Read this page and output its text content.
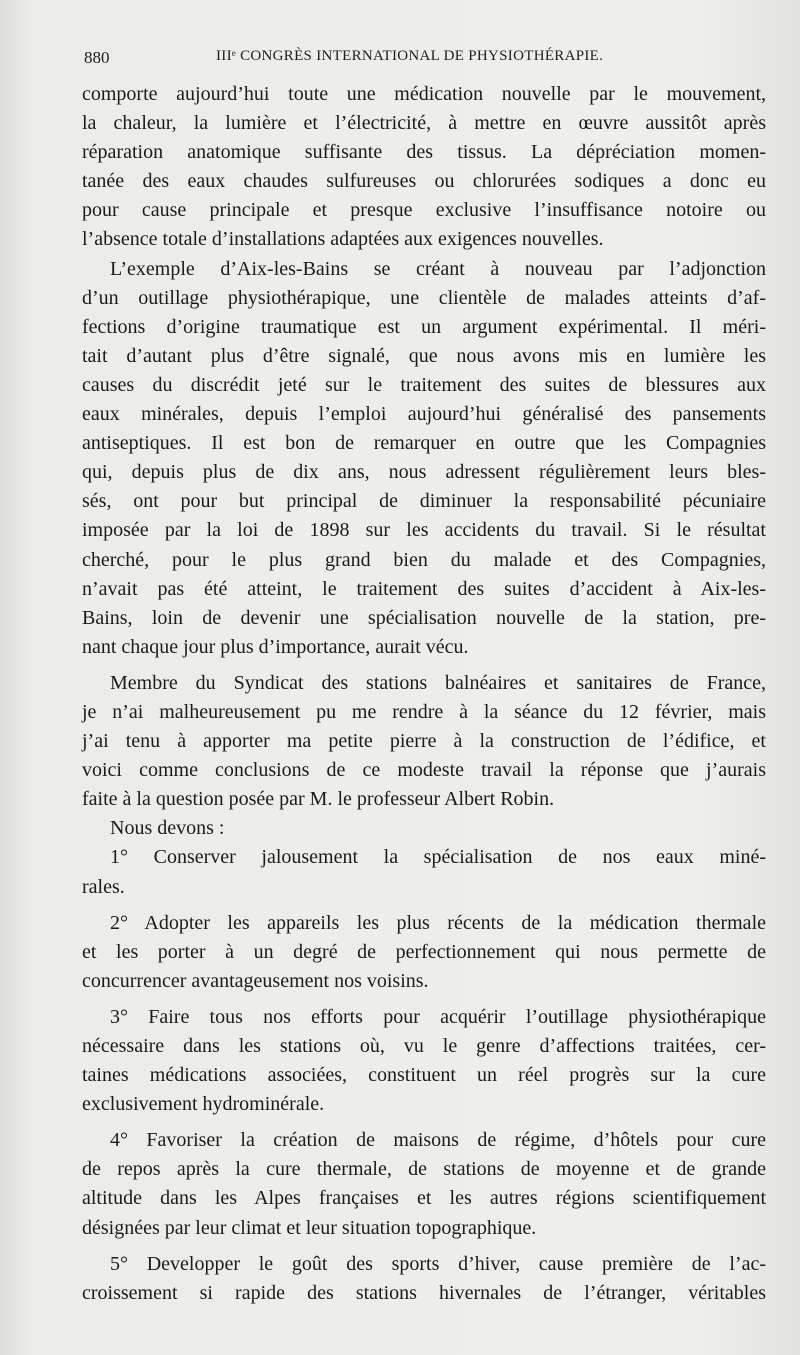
880	IIIᵉ CONGRÈS INTERNATIONAL DE PHYSIOTHÉRAPIE.
comporte aujourd’hui toute une médication nouvelle par le mouvement,
la chaleur, la lumière et l’électricité, à mettre en œuvre aussitôt après
réparation anatomique suffisante des tissus. La dépréciation momen-
tanée des eaux chaudes sulfureuses ou chlorurées sodiques a donc eu
pour cause principale et presque exclusive l’insuffisance notoire ou
l’absence totale d’installations adaptées aux exigences nouvelles.
L’exemple d’Aix-les-Bains se créant à nouveau par l’adjonction
d’un outillage physiothérapique, une clientèle de malades atteints d’af-
fections d’origine traumatique est un argument expérimental. Il méri-
tait d’autant plus d’être signalé, que nous avons mis en lumière les
causes du discrédit jeté sur le traitement des suites de blessures aux
eaux minérales, depuis l’emploi aujourd’hui généralisé des pansements
antiseptiques. Il est bon de remarquer en outre que les Compagnies
qui, depuis plus de dix ans, nous adressent régulièrement leurs bles-
sés, ont pour but principal de diminuer la responsabilité pécuniaire
imposée par la loi de 1898 sur les accidents du travail. Si le résultat
cherché, pour le plus grand bien du malade et des Compagnies,
n’avait pas été atteint, le traitement des suites d’accident à Aix-les-
Bains, loin de devenir une spécialisation nouvelle de la station, pre-
nant chaque jour plus d’importance, aurait vécu.
Membre du Syndicat des stations balnéaires et sanitaires de France,
je n’ai malheureusement pu me rendre à la séance du 12 février, mais
j’ai tenu à apporter ma petite pierre à la construction de l’édifice, et
voici comme conclusions de ce modeste travail la réponse que j’aurais
faite à la question posée par M. le professeur Albert Robin.
Nous devons :
1° Conserver jalousement la spécialisation de nos eaux miné-
rales.
2° Adopter les appareils les plus récents de la médication thermale
et les porter à un degré de perfectionnement qui nous permette de
concurrencer avantageusement nos voisins.
3° Faire tous nos efforts pour acquérir l’outillage physiothérapique
nécessaire dans les stations où, vu le genre d’affections traitées, cer-
taines médications associées, constituent un réel progrès sur la cure
exclusivement hydrominérale.
4° Favoriser la création de maisons de régime, d’hôtels pour cure
de repos après la cure thermale, de stations de moyenne et de grande
altitude dans les Alpes françaises et les autres régions scientifiquement
désignées par leur climat et leur situation topographique.
5° Developper le goût des sports d’hiver, cause première de l’ac-
croissement si rapide des stations hivernales de l’étranger, véritables
